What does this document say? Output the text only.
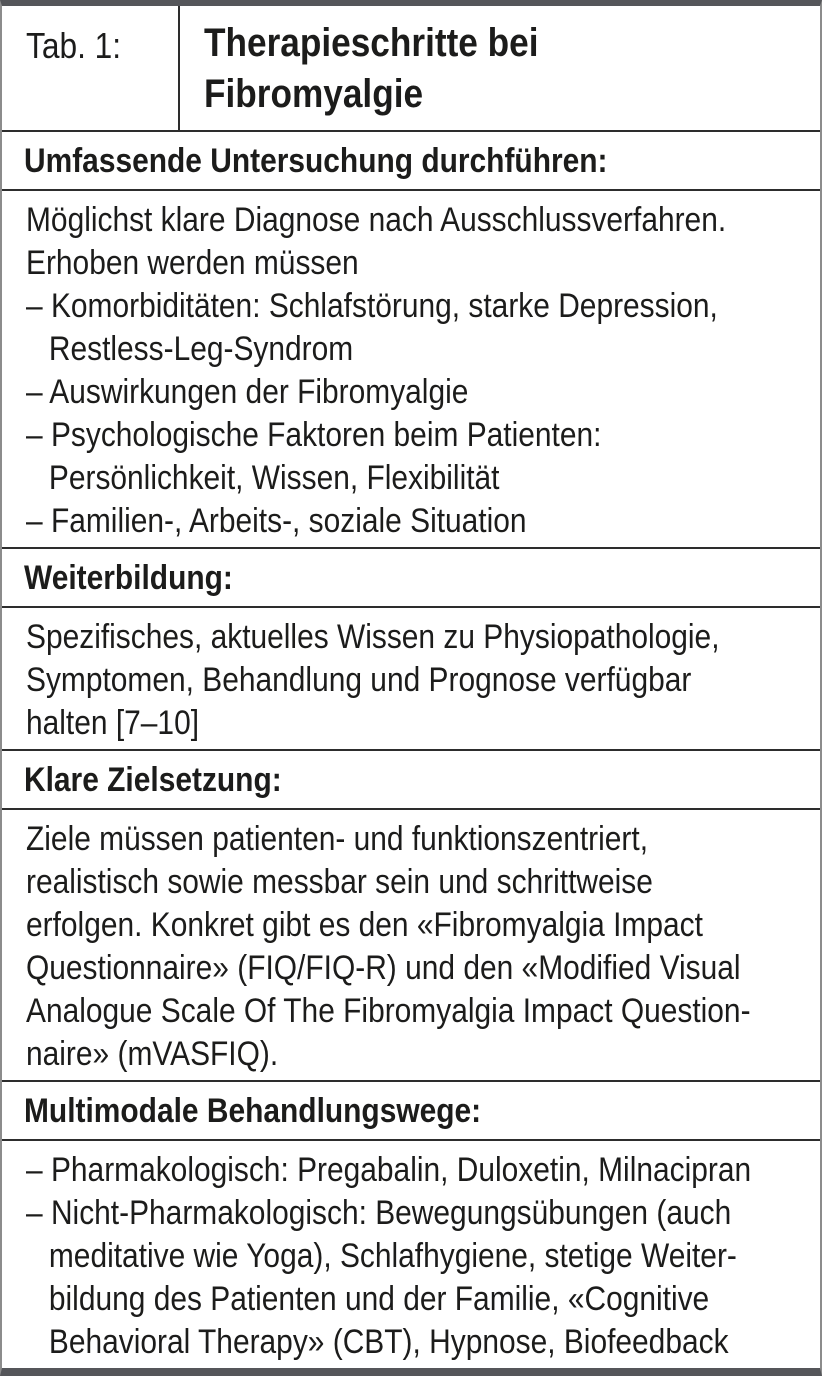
Tab. 1:	Therapieschritte bei
Fibromyalgie
Umfassende Untersuchung durchführen:
Möglichst klare Diagnose nach Ausschlussverfahren.
Erhoben werden müssen
– Komorbiditäten: Schlafstörung, starke Depression,
Restless-Leg-Syndrom
– Auswirkungen der Fibromyalgie
– Psychologische Faktoren beim Patienten:
Persönlichkeit, Wissen, Flexibilität
– Familien-, Arbeits-, soziale Situation
Weiterbildung:
Spezifisches, aktuelles Wissen zu Physiopathologie,
Symptomen, Behandlung und Prognose verfügbar
halten [7–10]
Klare Zielsetzung:
Ziele müssen patienten- und funktionszentriert,
realistisch sowie messbar sein und schrittweise
erfolgen. Konkret gibt es den «Fibromyalgia Impact
Questionnaire» (FIQ/FIQ-R) und den «Modified Visual
Analogue Scale Of The Fibromyalgia Impact Question-
naire» (mVASFIQ).
Multimodale Behandlungswege:
– Pharmakologisch: Pregabalin, Duloxetin, Milnacipran
– Nicht-Pharmakologisch: Bewegungsübungen (auch
meditative wie Yoga), Schlafhygiene, stetige Weiter-
bildung des Patienten und der Familie, «Cognitive
Behavioral Therapy» (CBT), Hypnose, Biofeedback
